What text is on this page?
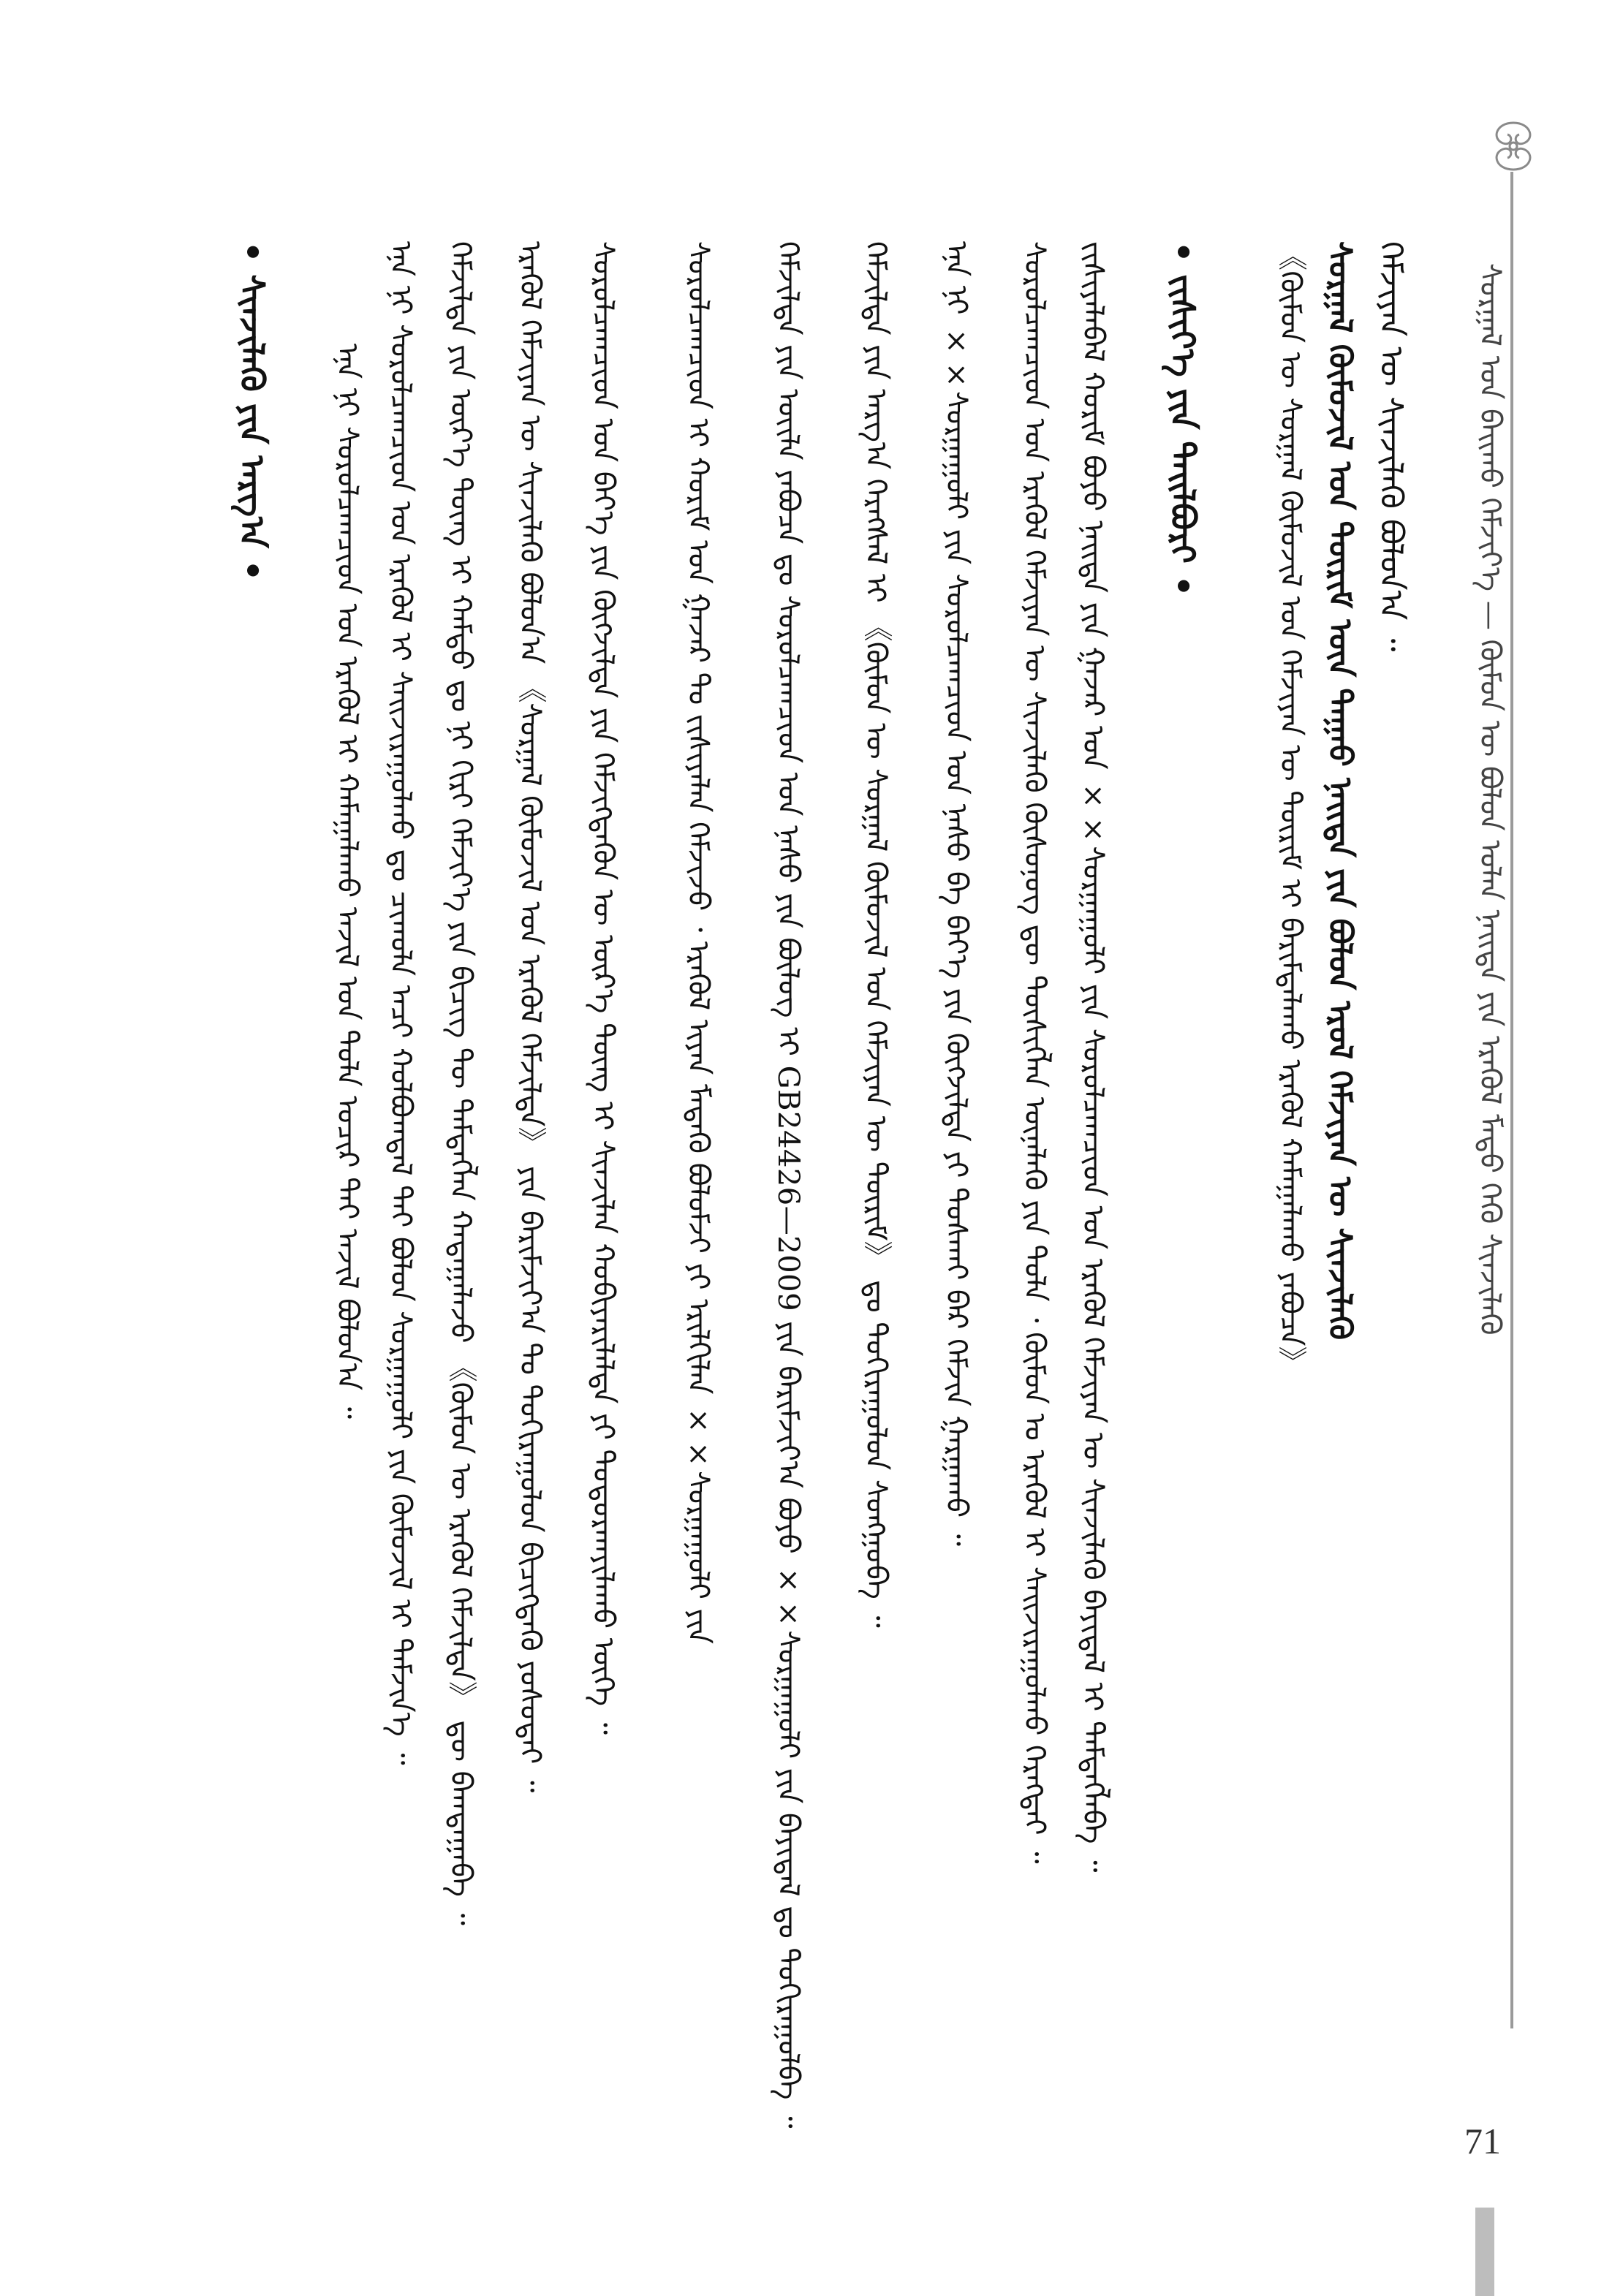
ᠰᠤᠷᠭᠠᠯ ᠤᠨ ᠪᠠᠢᠬᠤ ᠬᠡᠮᠵᠢᠶ᠎ᠡ — ᠬᠦᠮᠦᠨ ᠦ ᠪᠤᠯᠤᠨ ᠣᠯᠠᠨ ᠨᠡᠢᠲᠡ ᠶᠢᠨ ᠡᠷᠡᠭᠦᠯ ᠮᠡᠳᠦ ᠭᠡᠬᠦ ᠰᠢᠨᠵᠢᠯᠡᠬᠦ
ᠬᠡᠮᠵᠢᠶᠡᠨ ᠦ ᠰᠢᠨᠵᠢᠯᠡᠬᠦ ᠪᠤᠯᠤᠨ᠎ᠠ ᠃
ᠰᠤᠷᠭᠠᠯ ᠬᠦᠮᠦᠵᠢᠯ ᠤᠨ ᠳᠦᠷᠢᠮ ᠦᠨ ᠳᠠᠭᠠᠤ ᠨᠡᠢᠲᠡ ᠶᠢᠨ ᠪᠤᠯᠤᠨ ᠡᠷᠦᠯ ᠬᠡᠮᠵᠢᠶᠡᠨ ᠦ ᠰᠢᠨᠵᠢᠯᠡᠬᠦ
《ᠬᠦᠮᠦᠨ ᠦ ᠰᠤᠷᠭᠠᠯ ᠬᠦᠮᠦᠵᠢᠯ ᠤᠨ ᠬᠡᠮᠵᠢᠶᠡᠨ ᠦ ᠳᠦᠷᠢᠮ ᠢ ᠪᠠᠷᠢᠮᠲᠠᠯᠠᠬᠤ ᠡᠷᠡᠭᠦᠯ ᠬᠠᠮᠠᠭᠠᠯᠠᠬᠤ ᠶᠠᠪᠤᠴᠠ》
• ᠵᠢᠰᠢᠶ᠎ᠡ ᠶᠢᠨ ᠲᠠᠢᠯᠪᠤᠷᠢ •
ᠵᠢᠰᠢᠶᠡᠯᠡᠪᠡᠯ ᠬᠤᠷᠢᠮ ᠪᠤᠶᠤ ᠨᠡᠢᠲᠡ ᠶᠢᠨ ᠭᠠᠵᠠᠷ ᠤᠨ ××ᠰᠤᠷᠭᠠᠭᠤᠯᠢ ᠶᠢᠨ ᠰᠤᠷᠤᠯᠴᠠᠭᠴᠢᠳ ᠤᠨ ᠡᠷᠡᠭᠦᠯ ᠬᠡᠮᠵᠢᠶᠡᠨ ᠦ ᠰᠢᠨᠵᠢᠯᠡᠬᠦ ᠪᠠᠶᠢᠳᠠᠯ ᠢ ᠲᠡᠮᠳᠡᠭᠯᠡᠪᠡ ᠃
ᠰᠤᠷᠤᠯᠴᠠᠭᠴᠢᠳ ᠤᠨ ᠡᠷᠡᠭᠦᠯ ᠬᠡᠮᠵᠢᠶᠡᠨ ᠦ ᠰᠢᠨᠵᠢᠯᠡᠬᠦ ᠬᠦᠰᠦᠨᠦᠭ ᠳᠦ ᠲᠦᠰᠢᠭᠯᠡᠨ ᠦᠨᠡᠯᠡᠬᠦ ᠶᠢᠨ ᠲᠤᠯᠠ ᠂ ᠬᠦᠮᠦᠨ ᠤ ᠡᠷᠡᠭᠦᠯ ᠢ ᠰᠠᠢᠵᠢᠷᠠᠭᠤᠯᠬᠤ ᠬᠡᠷᠡᠭᠲᠡᠢ ᠃
ᠡᠨᠡ ᠨᠢ ××ᠰᠤᠷᠭᠠᠭᠤᠯᠢ ᠶᠢᠨ ᠰᠤᠷᠤᠯᠴᠠᠭᠴᠢᠳ ᠤᠨ ᠨᠠᠰᠤ ᠪᠠ ᠪᠡᠶ᠎ᠡ ᠶᠢᠨ ᠬᠦᠭᠵᠢᠯᠲᠡ ᠶᠢ ᠲᠤᠰᠬᠠᠢ ᠪᠠᠷ ᠬᠡᠮᠵᠢᠨ ᠭᠠᠷᠭᠠᠬᠤ ᠃
ᠬᠡᠮᠵᠢᠯᠲᠡ ᠶᠢᠨ ᠠᠷᠭ᠎ᠠ ᠬᠡᠷᠡᠭᠰᠡᠯ ᠢ 《ᠬᠦᠮᠦᠨ ᠦ ᠰᠤᠷᠭᠠᠯ ᠬᠦᠮᠦᠵᠢᠯ ᠤᠨ ᠬᠡᠮᠵᠢᠶᠡᠨ ᠦ ᠳᠦᠷᠢᠮ》 ᠳᠤ ᠲᠤᠬᠢᠷᠠᠭᠤᠯᠤᠨ ᠰᠤᠩᠭᠤᠪᠠ ᠃
ᠬᠡᠮᠵᠢᠯᠲᠡ ᠶᠢᠨ ᠦᠢᠯᠡ ᠶᠠᠪᠤᠴᠠ ᠳᠤ ᠰᠤᠷᠤᠯᠴᠠᠭᠴᠢᠳ ᠤᠨ ᠨᠠᠰᠤ ᠶᠢᠨ ᠪᠦᠯᠦᠭ ᠢ GB24426—2009 ᠶᠢᠨ ᠪᠠᠷᠢᠮᠵᠢᠶ᠎ᠠ ᠪᠤᠶᠤ ××ᠰᠤᠷᠭᠠᠭᠤᠯᠢ ᠶᠢᠨ ᠪᠠᠶᠢᠳᠠᠯ ᠳᠤ ᠲᠤᠬᠢᠷᠠᠭᠤᠯᠪᠠ ᠃
ᠰᠤᠷᠤᠯᠴᠠᠭᠴᠢᠳ ᠢ ᠬᠤᠷᠢᠮ ᠤᠨ ᠭᠠᠵᠠᠷ ᠲᠤ ᠵᠢᠰᠢᠶᠡᠯᠡᠨ ᠬᠡᠮᠵᠢᠵᠦ ᠂ ᠡᠷᠡᠭᠦᠯ ᠢᠶᠡᠨ ᠮᠡᠳᠡᠬᠦ ᠪᠤᠯᠤᠮᠵᠢ ᠶᠢ ᠡᠷᠢᠯᠬᠢᠯᠡᠨ ××ᠰᠤᠷᠭᠠᠭᠤᠯᠢ ᠶᠢᠨ
ᠰᠤᠷᠤᠯᠴᠠᠭᠴᠢᠳ ᠤᠨ ᠪᠡᠶ᠎ᠡ ᠶᠢᠨ ᠬᠦᠭᠵᠢᠯᠲᠡ ᠶᠢᠨ ᠬᠡᠮᠵᠢᠭᠳᠡᠬᠦᠨ ᠦ ᠦᠷ᠎ᠡ ᠳᠦᠩ ᠢ ᠰᠢᠨᠵᠢᠯᠡᠨ ᠬᠤᠪᠢᠶᠠᠷᠢᠯᠠᠯᠲᠠ ᠶᠢ ᠲᠤᠳᠤᠷᠬᠠᠶᠢᠯᠠᠬᠤ ᠦᠭᠡ ᠃
ᠡᠷᠡᠭᠦᠯ ᠬᠡᠮᠵᠢᠶᠡᠨ ᠦ ᠰᠢᠨᠵᠢᠯᠡᠬᠦ ᠪᠤᠯᠤᠨ᠎ᠠ 《ᠰᠤᠷᠭᠠᠯ ᠬᠦᠮᠦᠵᠢᠯ ᠤᠨ ᠡᠷᠡᠭᠦᠯ ᠬᠡᠮᠵᠢᠯᠲᠡ》 ᠶᠢᠨ ᠪᠠᠷᠢᠮᠵᠢᠶ᠎ᠠ ᠲᠤ ᠲᠤᠬᠢᠷᠠᠭᠤᠯᠤᠨ ᠪᠢᠴᠢᠭᠳᠡᠬᠦ ᠶᠤᠰᠤᠲᠠᠢ ᠃
ᠬᠡᠮᠵᠢᠯᠲᠡ ᠶᠢᠨ ᠦᠷ᠎ᠡ ᠳᠦᠩ ᠢ ᠬᠠᠮᠲᠤ ᠳᠤ ᠨᠢ ᠬᠢᠷᠢ ᠬᠡᠮᠵᠢᠶ᠎ᠡ ᠶᠢᠨ ᠪᠢᠴᠢᠭ ᠲᠦ ᠲᠡᠮᠳᠡᠭᠯᠡᠨ ᠬᠠᠳᠠᠭᠠᠯᠠᠵᠤ 《ᠬᠦᠮᠦᠨ ᠦ ᠡᠷᠡᠭᠦᠯ ᠬᠡᠮᠵᠢᠯᠲᠡ》 ᠳᠦ ᠪᠠᠭᠲᠠᠭᠠᠪᠠ ᠃
ᠡᠨᠡ ᠨᠢ ᠰᠤᠷᠤᠯᠴᠠᠭᠴᠢᠳ ᠤᠨ ᠡᠷᠡᠭᠦᠯ ᠢ ᠰᠠᠢᠵᠢᠷᠠᠭᠤᠯᠬᠤ ᠳᠤ ᠴᠢᠬᠤᠯᠠ ᠠᠴᠢ ᠬᠤᠯᠪᠤᠭᠳᠠᠯ ᠲᠠᠢ ᠪᠤᠯᠤᠨ ᠰᠤᠷᠭᠠᠭᠤᠯᠢ ᠶᠢᠨ ᠬᠦᠮᠦᠵᠢᠯ ᠢ ᠳᠡᠮᠵᠢᠨ᠎ᠡ ᠃
ᠡᠨᠡ ᠨᠢ ᠰᠤᠷᠤᠯᠴᠠᠭᠴᠢᠳ ᠤᠨ ᠡᠷᠡᠭᠦᠯ ᠢ ᠬᠠᠮᠠᠭᠠᠯᠠᠬᠤ ᠠᠵᠢᠯ ᠤᠨ ᠲᠤᠯᠠ ᠤᠴᠢᠷ ᠲᠠᠢ ᠠᠵᠢᠯ ᠪᠤᠯᠤᠨ᠎ᠠ ᠃
• ᠰᠢᠨᠵᠢᠯᠡᠬᠦ ᠶᠢᠨ ᠠᠷᠭ᠎ᠠ •
71
